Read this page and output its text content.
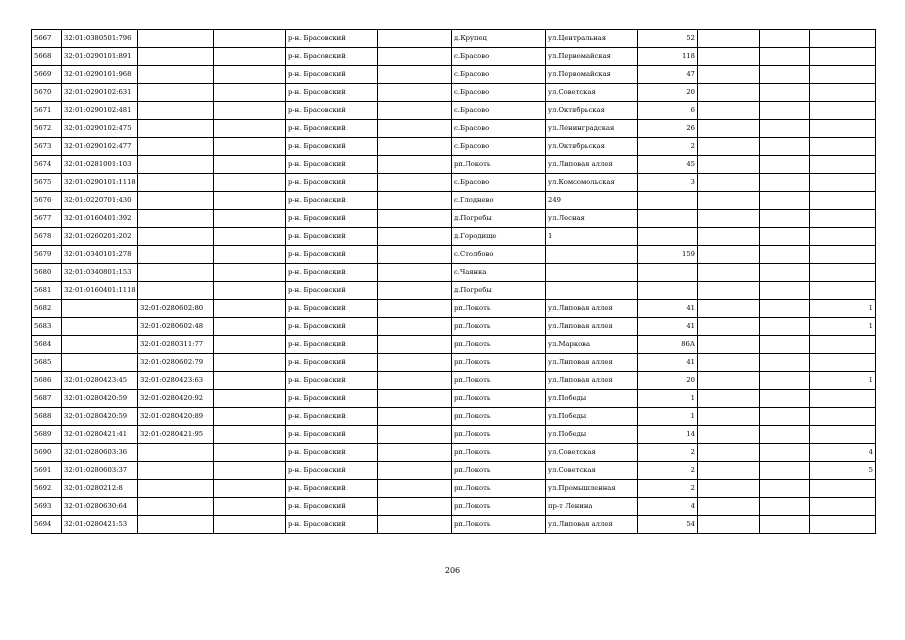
5667	32:01:0380501:796			р-н. Брасовский		д.Крупец	ул.Центральная	52			
5668	32:01:0290101:891			р-н. Брасовский		с.Брасово	ул.Первомайская	118			
5669	32:01:0290101:968			р-н. Брасовский		с.Брасово	ул.Первомайская	47			
5670	32:01:0290102:631			р-н. Брасовский		с.Брасово	ул.Советская	20			
5671	32:01:0290102:481			р-н. Брасовский		с.Брасово	ул.Октябрьская	6			
5672	32:01:0290102:475			р-н. Брасовский		с.Брасово	ул.Ленинградская	26			
5673	32:01:0290102:477			р-н. Брасовский		с.Брасово	ул.Октябрьская	2			
5674	32:01:0281001:103			р-н. Брасовский		рп.Локоть	ул.Липовая аллея	45			
5675	32:01:0290101:1118			р-н. Брасовский		с.Брасово	ул.Комсомольская	3			
5676	32:01:0220701:430			р-н. Брасовский		с.Глоднево	249				
5677	32:01:0160401:392			р-н. Брасовский		д.Погребы	ул.Лесная				
5678	32:01:0260201:202			р-н. Брасовский		д.Городище	1				
5679	32:01:0340101:278			р-н. Брасовский		с.Столбово		159			
5680	32:01:0340801:153			р-н. Брасовский		с.Чаянка					
5681	32:01:0160401:1118			р-н. Брасовский		д.Погребы					
5682		32:01:0280602:80		р-н. Брасовский		рп.Локоть	ул.Липовая аллея	41			1
5683		32:01:0280602:48		р-н. Брасовский		рп.Локоть	ул.Липовая аллея	41			1
5684		32:01:0280311:77		р-н. Брасовский		рп.Локоть	ул.Маркова	86А			
5685		32:01:0280602:79		р-н. Брасовский		рп.Локоть	ул.Липовая аллея	41			
5686	32:01:0280423:45	32:01:0280423:63		р-н. Брасовский		рп.Локоть	ул.Липовая аллея	20			1
5687	32:01:0280420:59	32:01:0280420:92		р-н. Брасовский		рп.Локоть	ул.Победы	1			
5688	32:01:0280420:59	32:01:0280420:89		р-н. Брасовский		рп.Локоть	ул.Победы	1			
5689	32:01:0280421:41	32:01:0280421:95		р-н. Брасовский		рп.Локоть	ул.Победы	14			
5690	32:01:0280603:36			р-н. Брасовский		рп.Локоть	ул.Советская	2			4
5691	32:01:0280603:37			р-н. Брасовский		рп.Локоть	ул.Советская	2			5
5692	32:01:0280212:8			р-н. Брасовский		рп.Локоть	ул.Промышленная	2			
5693	32:01:0280630:64			р-н. Брасовский		рп.Локоть	пр-т Ленина	4			
5694	32:01:0280421:53			р-н. Брасовский		рп.Локоть	ул.Липовая аллея	54			
206
